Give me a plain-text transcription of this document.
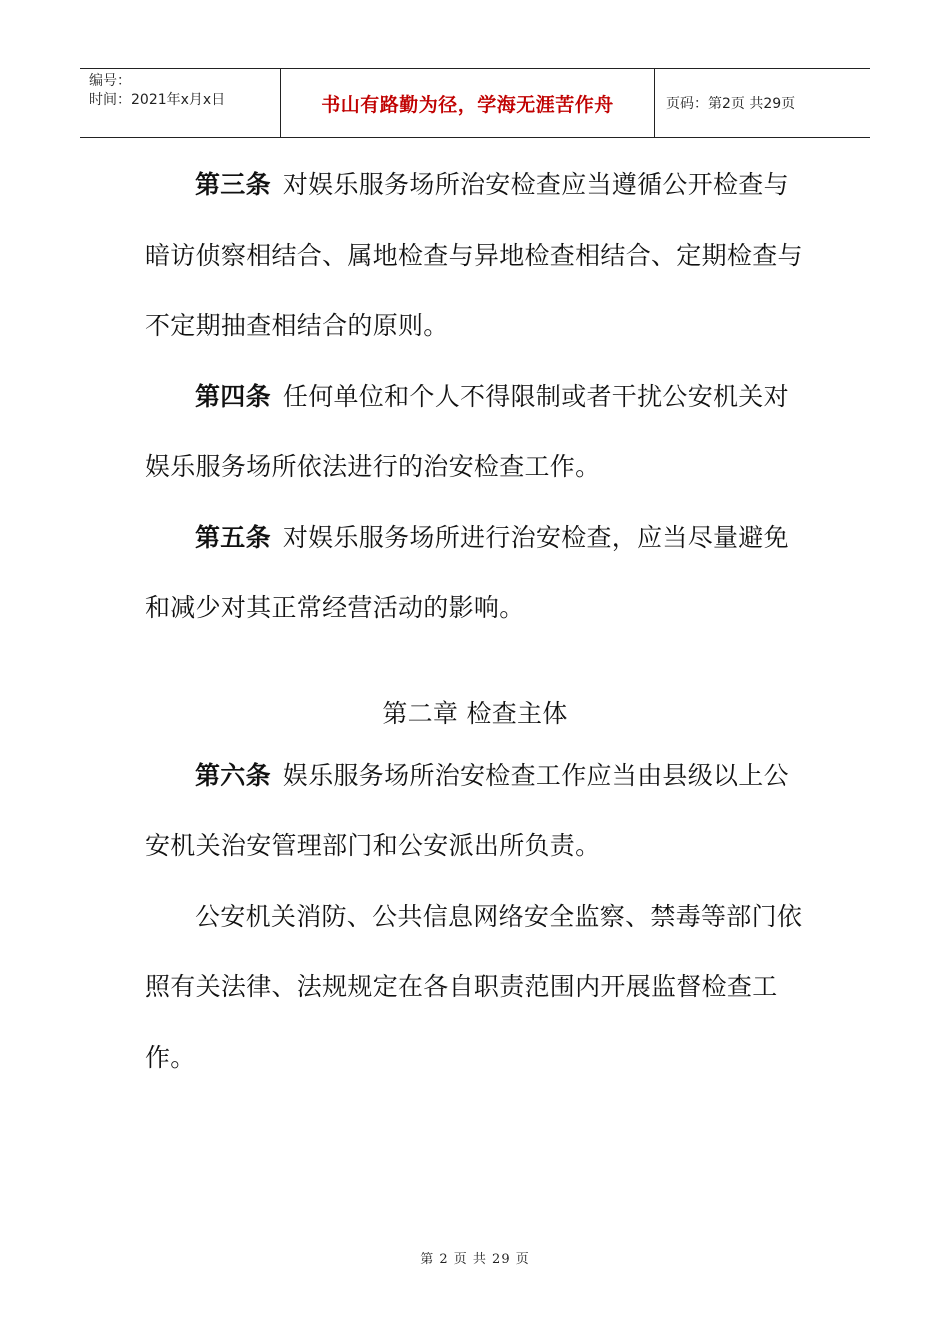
编号：
时间：2021年x月x日	书山有路勤为径，学海无涯苦作舟	页码：第2页 共29页

第三条 对娱乐服务场所治安检查应当遵循公开检查与暗访侦察相结合、属地检查与异地检查相结合、定期检查与不定期抽查相结合的原则。

第四条 任何单位和个人不得限制或者干扰公安机关对娱乐服务场所依法进行的治安检查工作。

第五条 对娱乐服务场所进行治安检查，应当尽量避免和减少对其正常经营活动的影响。

第二章 检查主体

第六条 娱乐服务场所治安检查工作应当由县级以上公安机关治安管理部门和公安派出所负责。

公安机关消防、公共信息网络安全监察、禁毒等部门依照有关法律、法规规定在各自职责范围内开展监督检查工作。

第 2 页 共 29 页
